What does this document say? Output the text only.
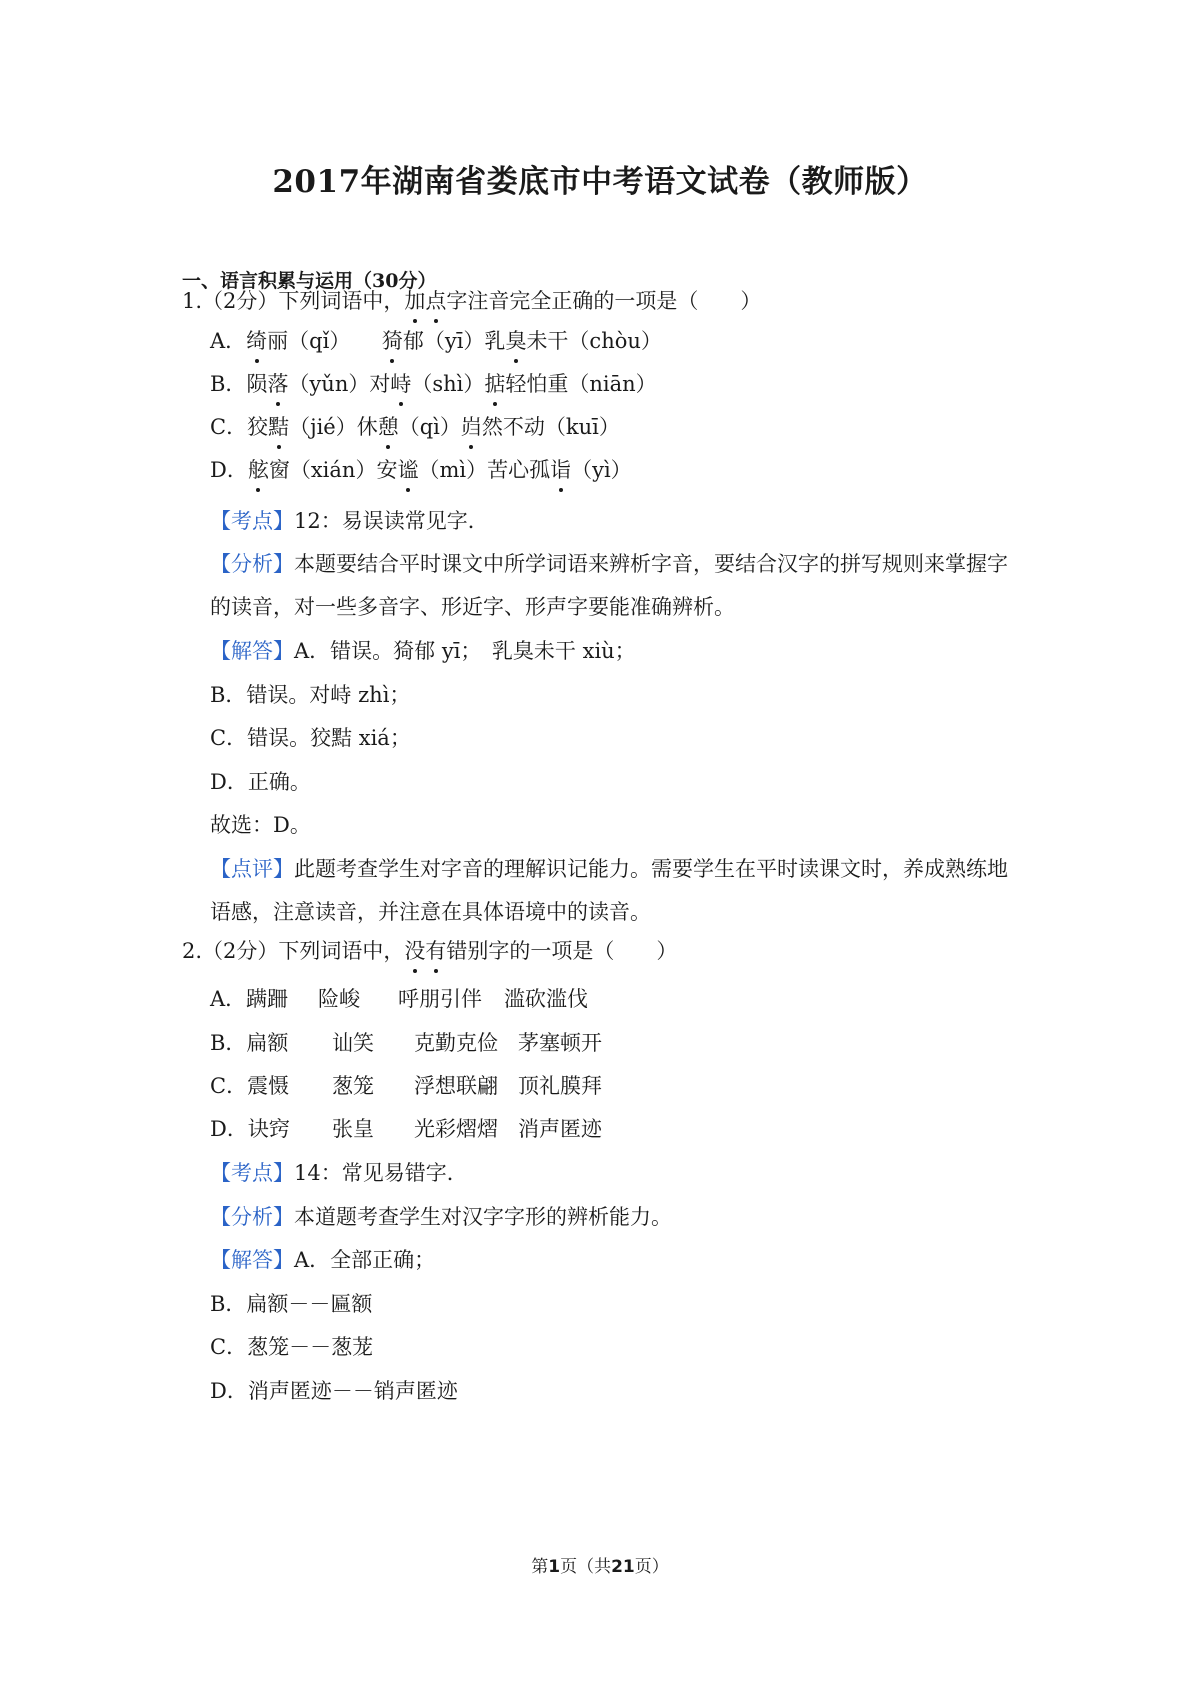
2017年湖南省娄底市中考语文试卷（教师版）
一、语言积累与运用（30分）
1.（2分）下列词语中，加点字注音完全正确的一项是（　　）
A．绮丽（qǐ）　　猗郁（yī）乳臭未干（chòu）
B．陨落（yǔn）对峙（shì）掂轻怕重（niān）
C．狡黠（jié）休憩（qì）岿然不动（kuī）
D．舷窗（xián）安谧（mì）苦心孤诣（yì）
【考点】12：易误读常见字．
【分析】本题要结合平时课文中所学词语来辨析字音，要结合汉字的拼写规则来掌握字
的读音，对一些多音字、形近字、形声字要能准确辨析。
【解答】A．错误。猗郁 yī；　乳臭未干 xiù；
B．错误。对峙 zhì；
C．错误。狡黠 xiá；
D．正确。
故选：D。
【点评】此题考查学生对字音的理解识记能力。需要学生在平时读课文时，养成熟练地
语感，注意读音，并注意在具体语境中的读音。
2.（2分）下列词语中，没有错别字的一项是（　　）
A．蹒跚 险峻 呼朋引伴 滥砍滥伐
B．扁额 讪笑 克勤克俭 茅塞顿开
C．震慑 葱笼 浮想联翩 顶礼膜拜
D．诀窍 张皇 光彩熠熠 消声匿迹
【考点】14：常见易错字．
【分析】本道题考查学生对汉字字形的辨析能力。
【解答】A．全部正确；
B．扁额－－匾额
C．葱笼－－葱茏
D．消声匿迹－－销声匿迹
第1页（共21页）
